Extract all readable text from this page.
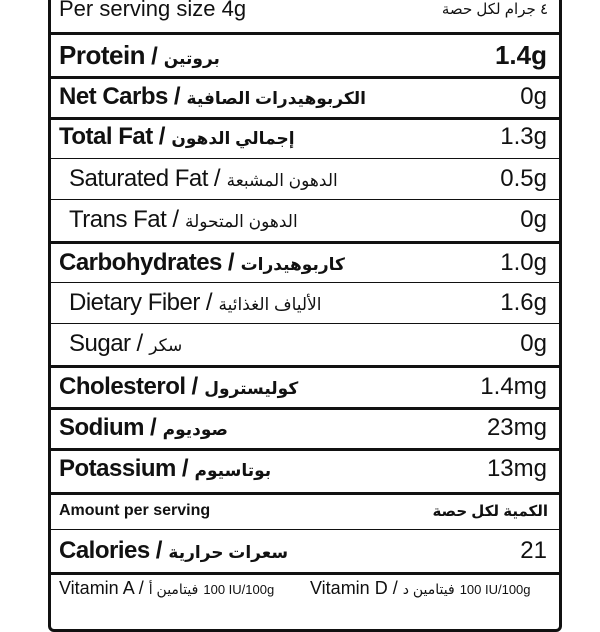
Per serving size 4g	٤ جرام لكل حصة
Protein / بروتين	1.4g
Net Carbs / الكربوهيدرات الصافية	0g
Total Fat / إجمالي الدهون	1.3g
Saturated Fat / الدهون المشبعة	0.5g
Trans Fat / الدهون المتحولة	0g
Carbohydrates / كاربوهيدرات	1.0g
Dietary Fiber / الألياف الغذائية	1.6g
Sugar / سكر	0g
Cholesterol / كوليسترول	1.4mg
Sodium / صوديوم	23mg
Potassium / بوتاسيوم	13mg
Amount per serving	الكمية لكل حصة
Calories / سعرات حرارية	21
Vitamin A / فيتامين أ 100 IU/100g Vitamin D / فيتامين د 100 IU/100g
